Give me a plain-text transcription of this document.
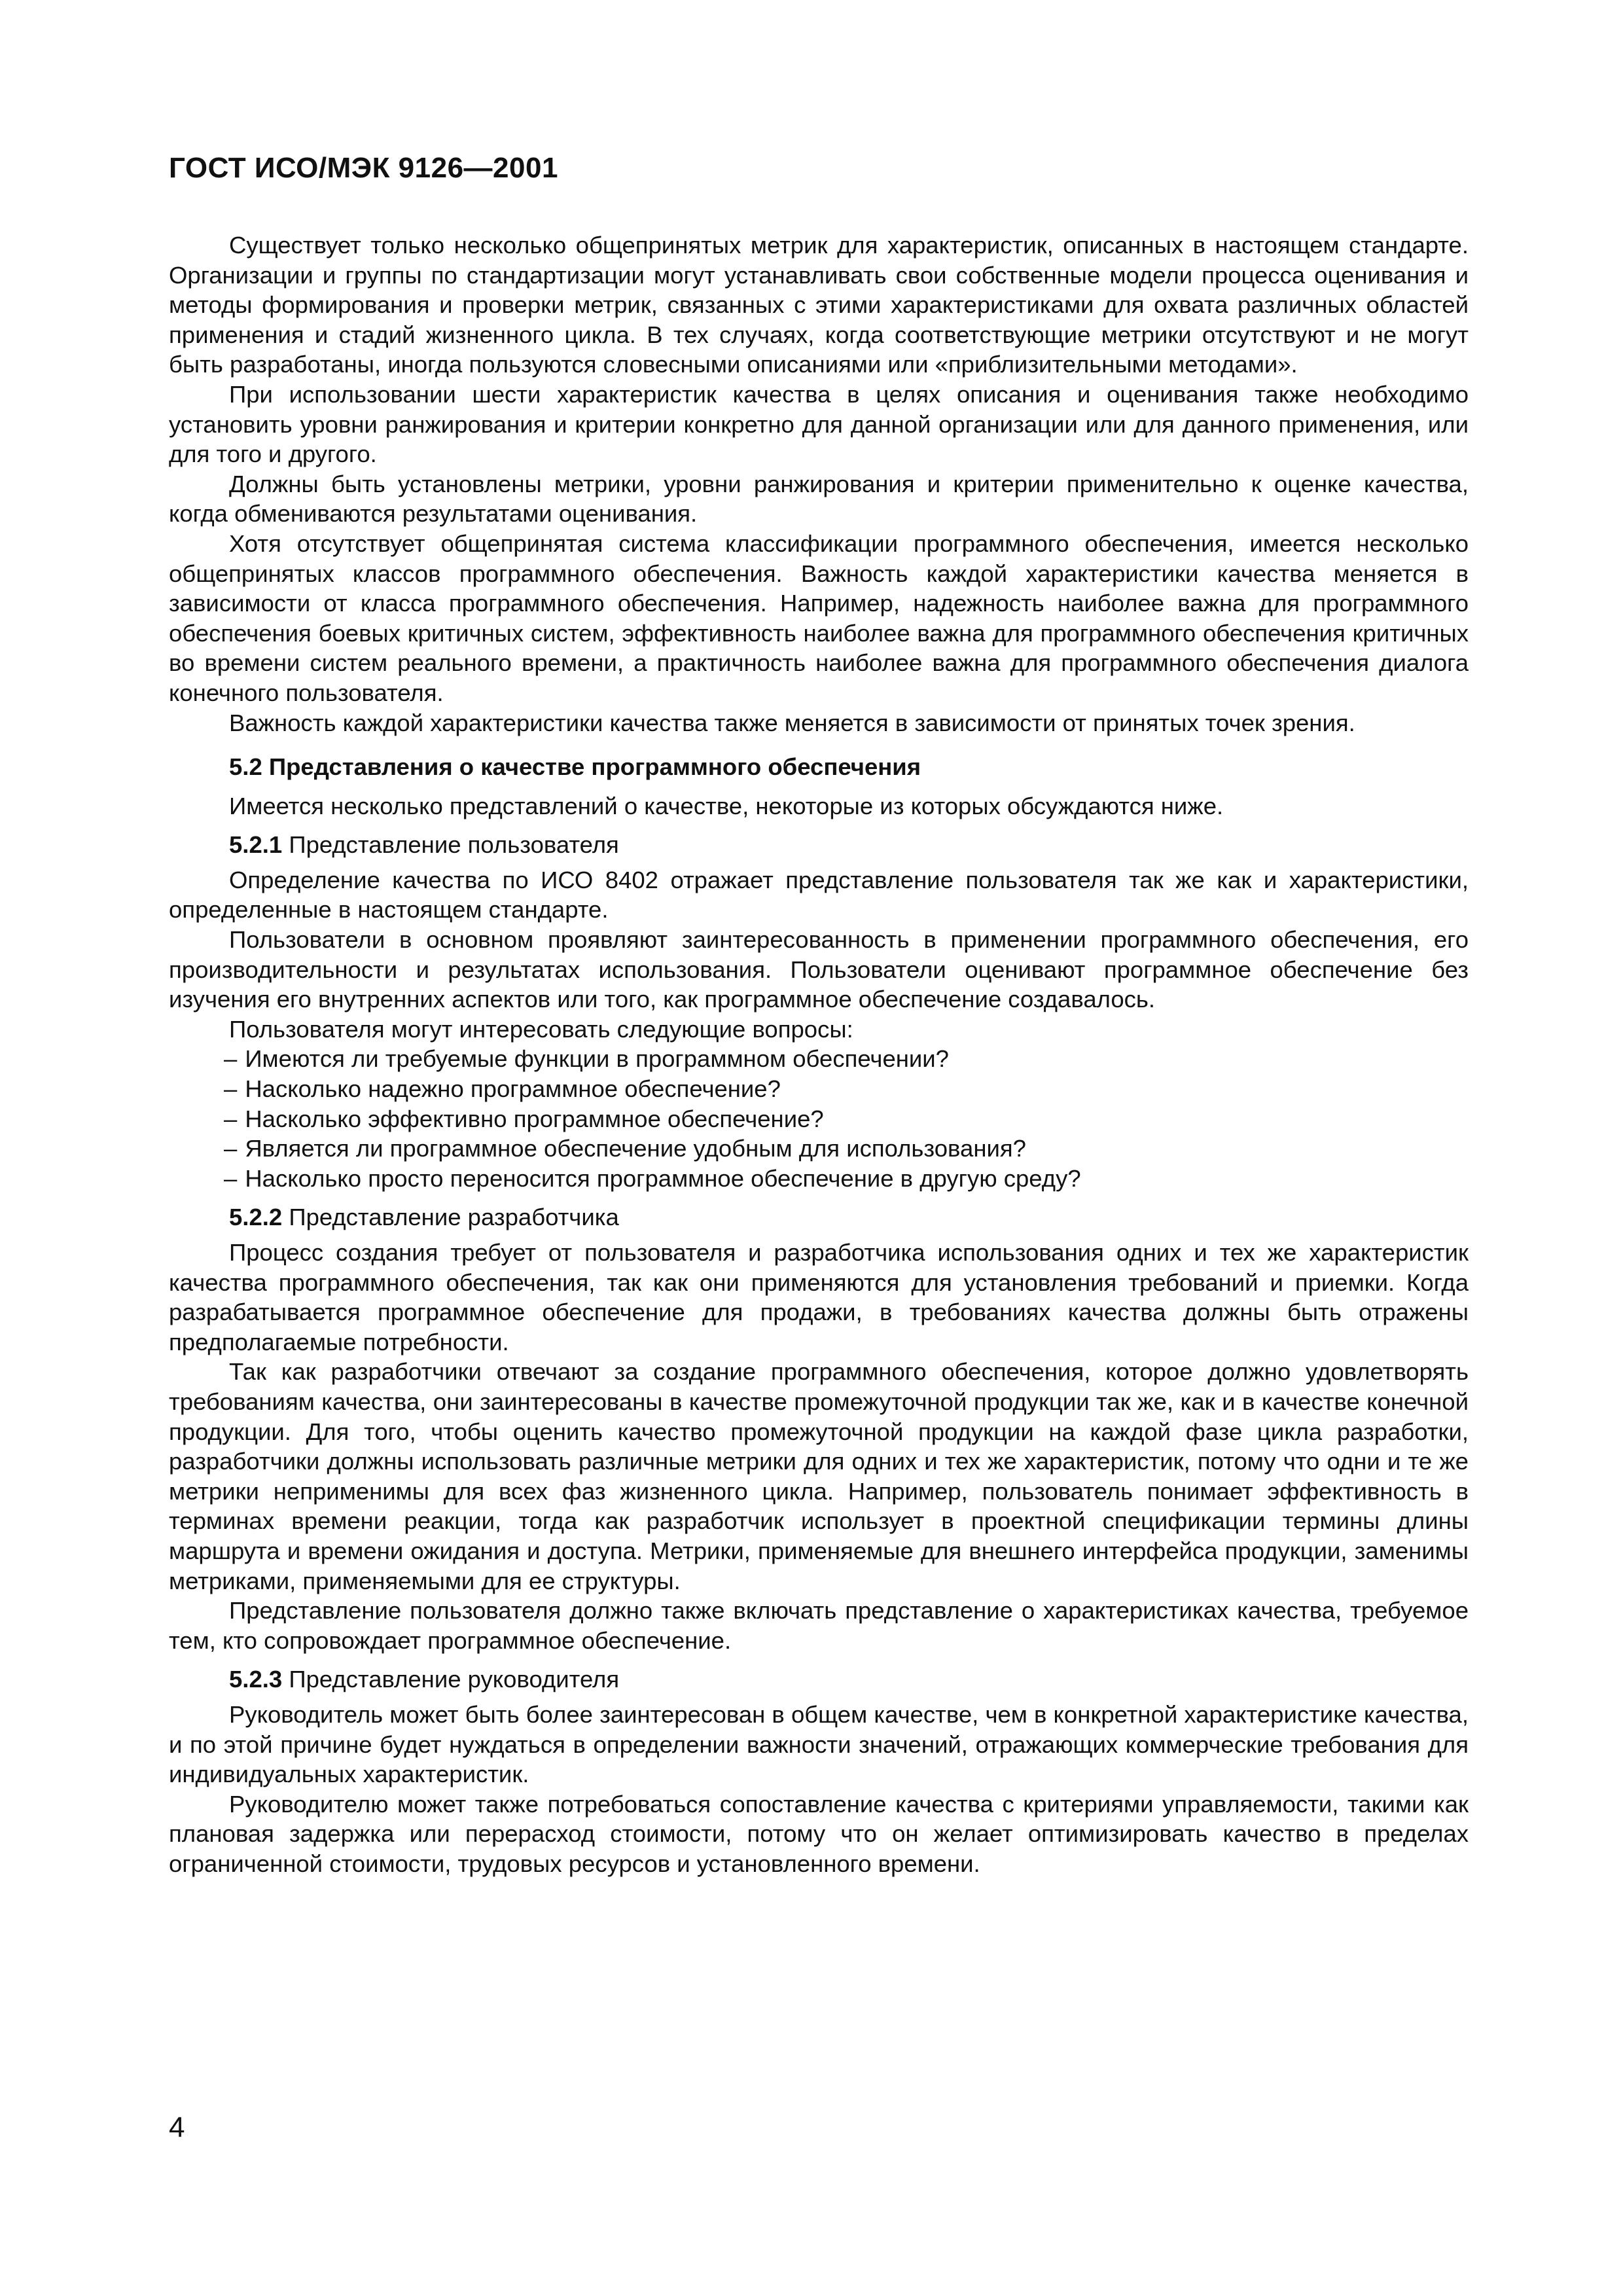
ГОСТ ИСО/МЭК 9126—2001

Существует только несколько общепринятых метрик для характеристик, описанных в настоящем стандарте. Организации и группы по стандартизации могут устанавливать свои собственные модели процесса оценивания и методы формирования и проверки метрик, связанных с этими характеристиками для охвата различных областей применения и стадий жизненного цикла. В тех случаях, когда соответствующие метрики отсутствуют и не могут быть разработаны, иногда пользуются словесными описаниями или «приблизительными методами».

При использовании шести характеристик качества в целях описания и оценивания также необходимо установить уровни ранжирования и критерии конкретно для данной организации или для данного применения, или для того и другого.

Должны быть установлены метрики, уровни ранжирования и критерии применительно к оценке качества, когда обмениваются результатами оценивания.

Хотя отсутствует общепринятая система классификации программного обеспечения, имеется несколько общепринятых классов программного обеспечения. Важность каждой характеристики качества меняется в зависимости от класса программного обеспечения. Например, надежность наиболее важна для программного обеспечения боевых критичных систем, эффективность наиболее важна для программного обеспечения критичных во времени систем реального времени, а практичность наиболее важна для программного обеспечения диалога конечного пользователя.

Важность каждой характеристики качества также меняется в зависимости от принятых точек зрения.

5.2 Представления о качестве программного обеспечения

Имеется несколько представлений о качестве, некоторые из которых обсуждаются ниже.

5.2.1 Представление пользователя

Определение качества по ИСО 8402 отражает представление пользователя так же как и характеристики, определенные в настоящем стандарте.

Пользователи в основном проявляют заинтересованность в применении программного обеспечения, его производительности и результатах использования. Пользователи оценивают программное обеспечение без изучения его внутренних аспектов или того, как программное обеспечение создавалось.

Пользователя могут интересовать следующие вопросы:

– Имеются ли требуемые функции в программном обеспечении?
– Насколько надежно программное обеспечение?
– Насколько эффективно программное обеспечение?
– Является ли программное обеспечение удобным для использования?
– Насколько просто переносится программное обеспечение в другую среду?

5.2.2 Представление разработчика

Процесс создания требует от пользователя и разработчика использования одних и тех же характеристик качества программного обеспечения, так как они применяются для установления требований и приемки. Когда разрабатывается программное обеспечение для продажи, в требованиях качества должны быть отражены предполагаемые потребности.

Так как разработчики отвечают за создание программного обеспечения, которое должно удовлетворять требованиям качества, они заинтересованы в качестве промежуточной продукции так же, как и в качестве конечной продукции. Для того, чтобы оценить качество промежуточной продукции на каждой фазе цикла разработки, разработчики должны использовать различные метрики для одних и тех же характеристик, потому что одни и те же метрики неприменимы для всех фаз жизненного цикла. Например, пользователь понимает эффективность в терминах времени реакции, тогда как разработчик использует в проектной спецификации термины длины маршрута и времени ожидания и доступа. Метрики, применяемые для внешнего интерфейса продукции, заменимы метриками, применяемыми для ее структуры.

Представление пользователя должно также включать представление о характеристиках качества, требуемое тем, кто сопровождает программное обеспечение.

5.2.3 Представление руководителя

Руководитель может быть более заинтересован в общем качестве, чем в конкретной характеристике качества, и по этой причине будет нуждаться в определении важности значений, отражающих коммерческие требования для индивидуальных характеристик.

Руководителю может также потребоваться сопоставление качества с критериями управляемости, такими как плановая задержка или перерасход стоимости, потому что он желает оптимизировать качество в пределах ограниченной стоимости, трудовых ресурсов и установленного времени.

4
